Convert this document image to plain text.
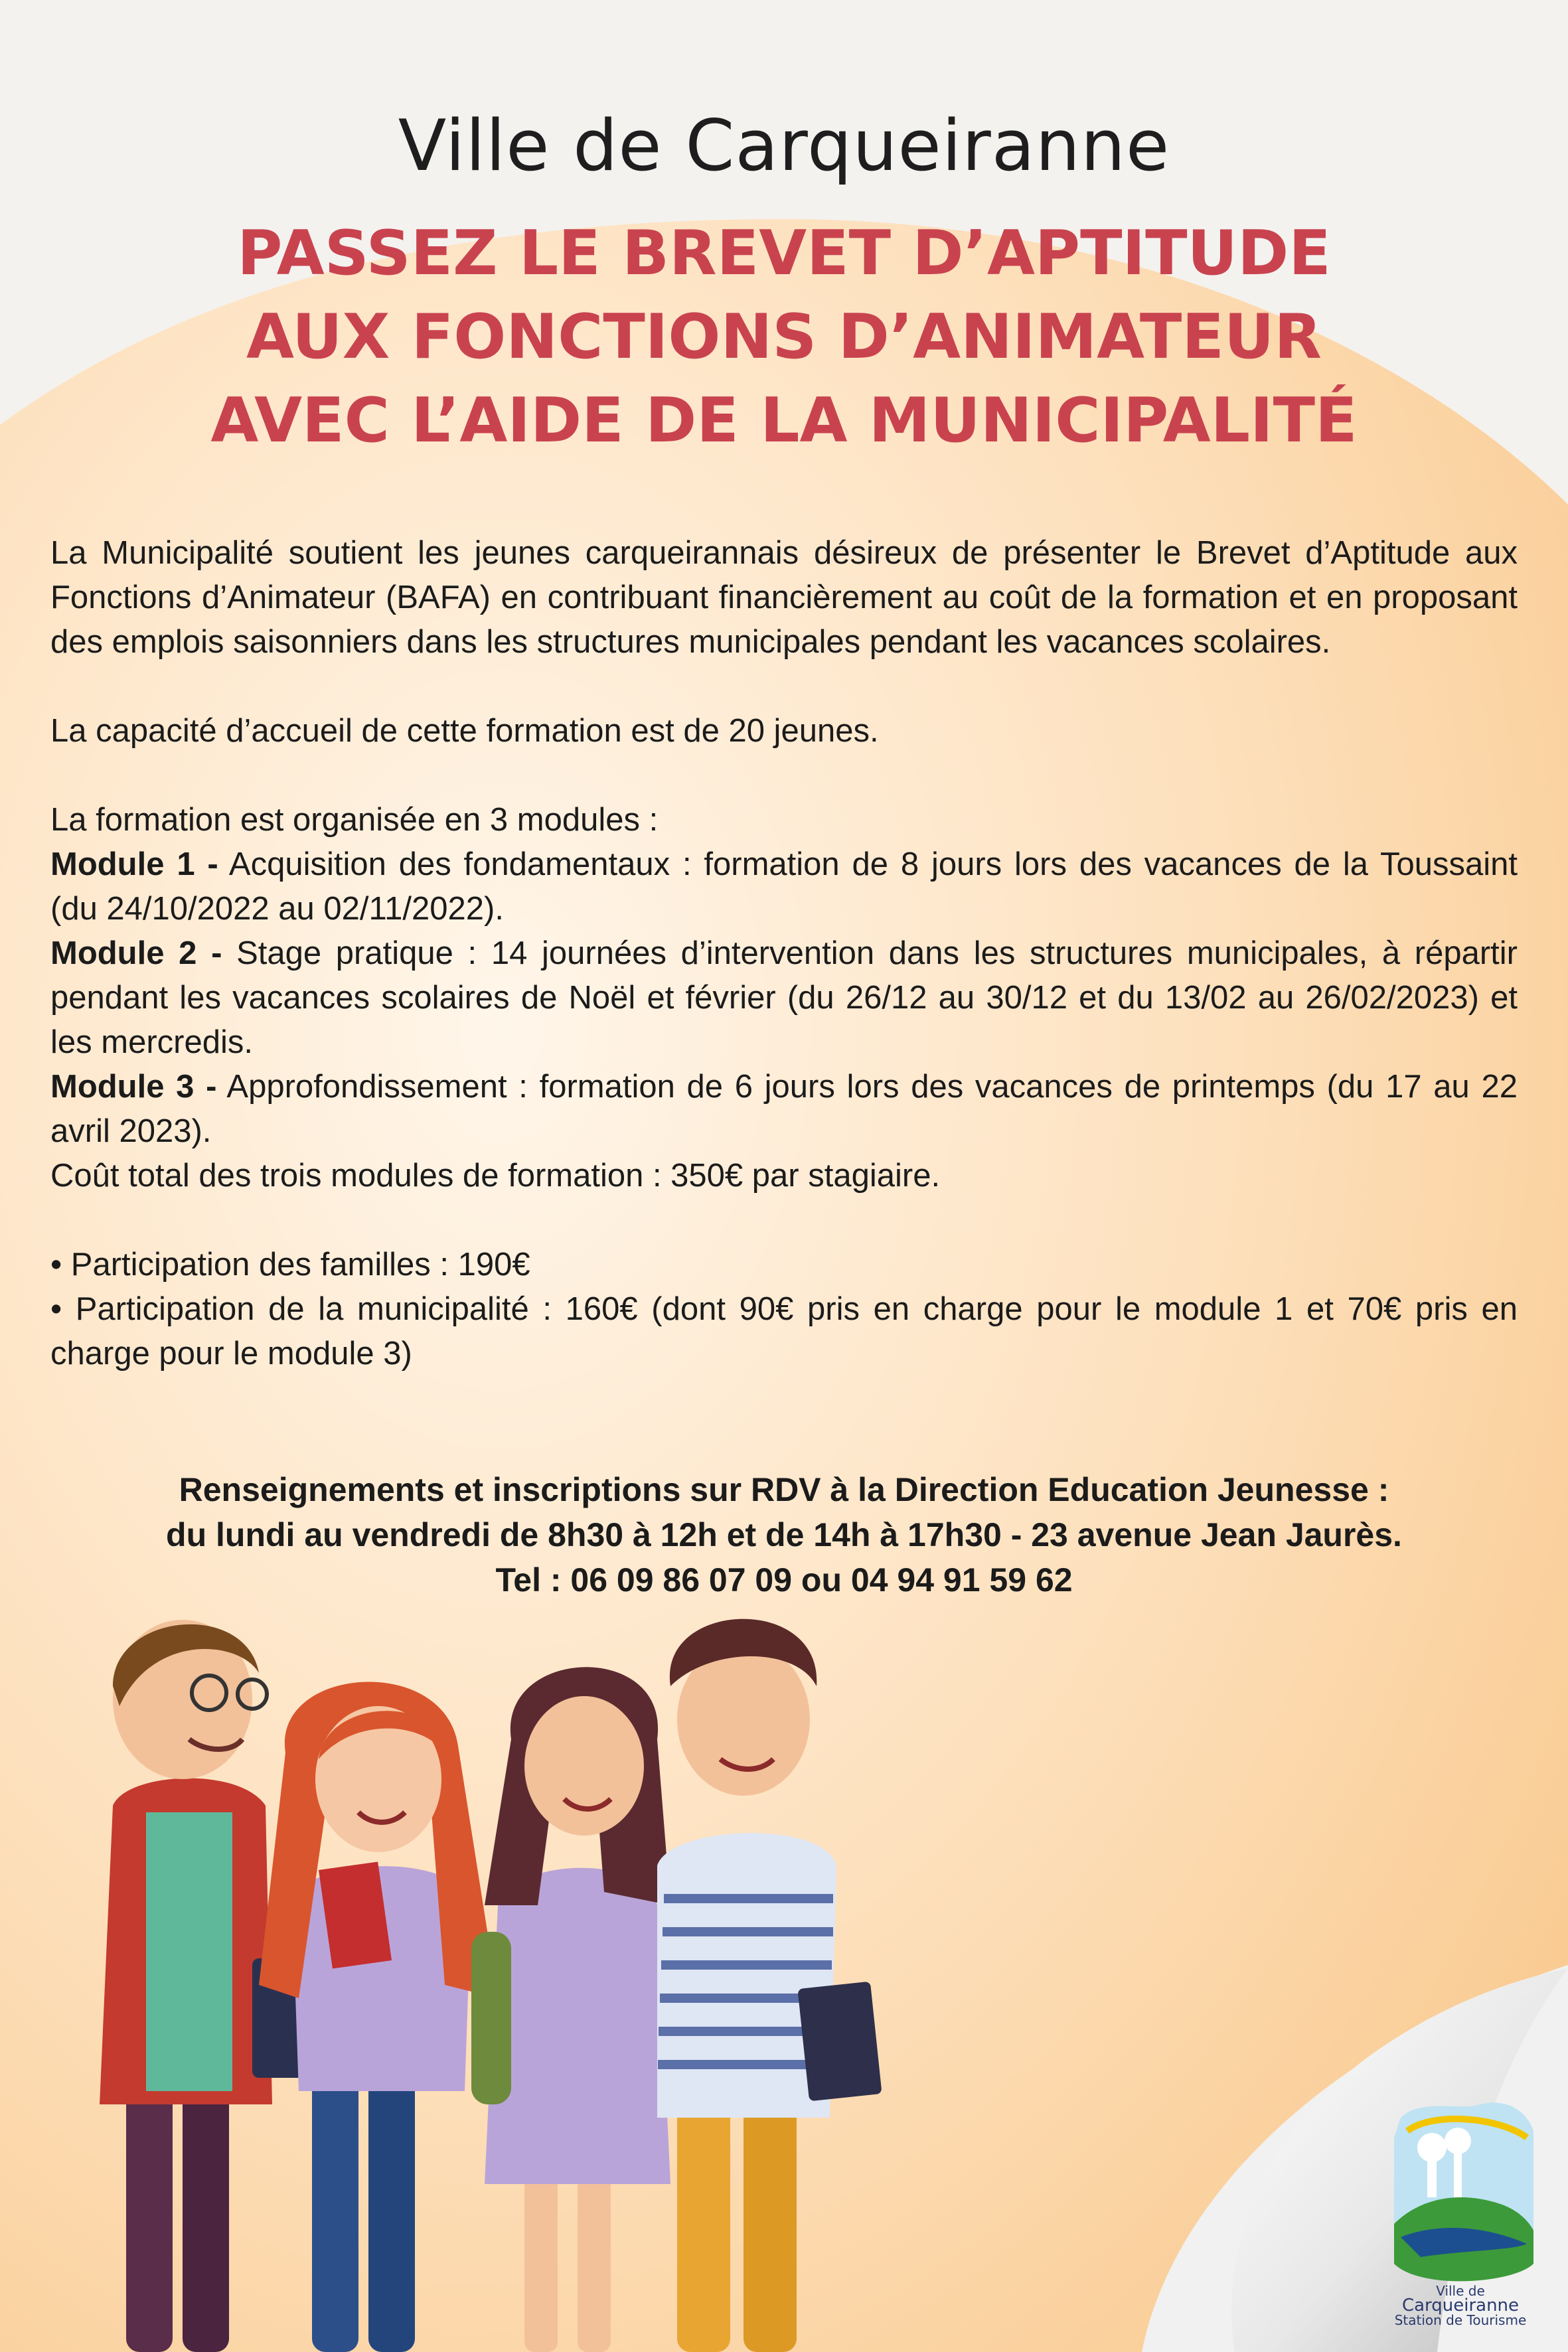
Ville de Carqueiranne
PASSEZ LE BREVET D’APTITUDE
AUX FONCTIONS D’ANIMATEUR
AVEC L’AIDE DE LA MUNICIPALITÉ

La Municipalité soutient les jeunes carqueirannais désireux de présenter le Brevet d’Aptitude aux Fonctions d’Animateur (BAFA) en contribuant financièrement au coût de la formation et en proposant des emplois saisonniers dans les structures municipales pendant les vacances scolaires.

La capacité d’accueil de cette formation est de 20 jeunes.

La formation est organisée en 3 modules :

Module 1 - Acquisition des fondamentaux : formation de 8 jours lors des vacances de la Toussaint (du 24/10/2022 au 02/11/2022).

Module 2 - Stage pratique : 14 journées d’intervention dans les structures municipales, à répartir pendant les vacances scolaires de Noël et février (du 26/12 au 30/12 et du 13/02 au 26/02/2023) et les mercredis.

Module 3 - Approfondissement : formation de 6 jours lors des vacances de printemps (du 17 au 22 avril 2023).

Coût total des trois modules de formation : 350€ par stagiaire.

• Participation des familles : 190€

• Participation de la municipalité : 160€ (dont 90€ pris en charge pour le module 1 et 70€ pris en charge pour le module 3)

Renseignements et inscriptions sur RDV à la Direction Education Jeunesse :
du lundi au vendredi de 8h30 à 12h et de 14h à 17h30 - 23 avenue Jean Jaurès.
Tel : 06 09 86 07 09 ou 04 94 91 59 62
Ville de
Carqueiranne
Station de Tourisme
